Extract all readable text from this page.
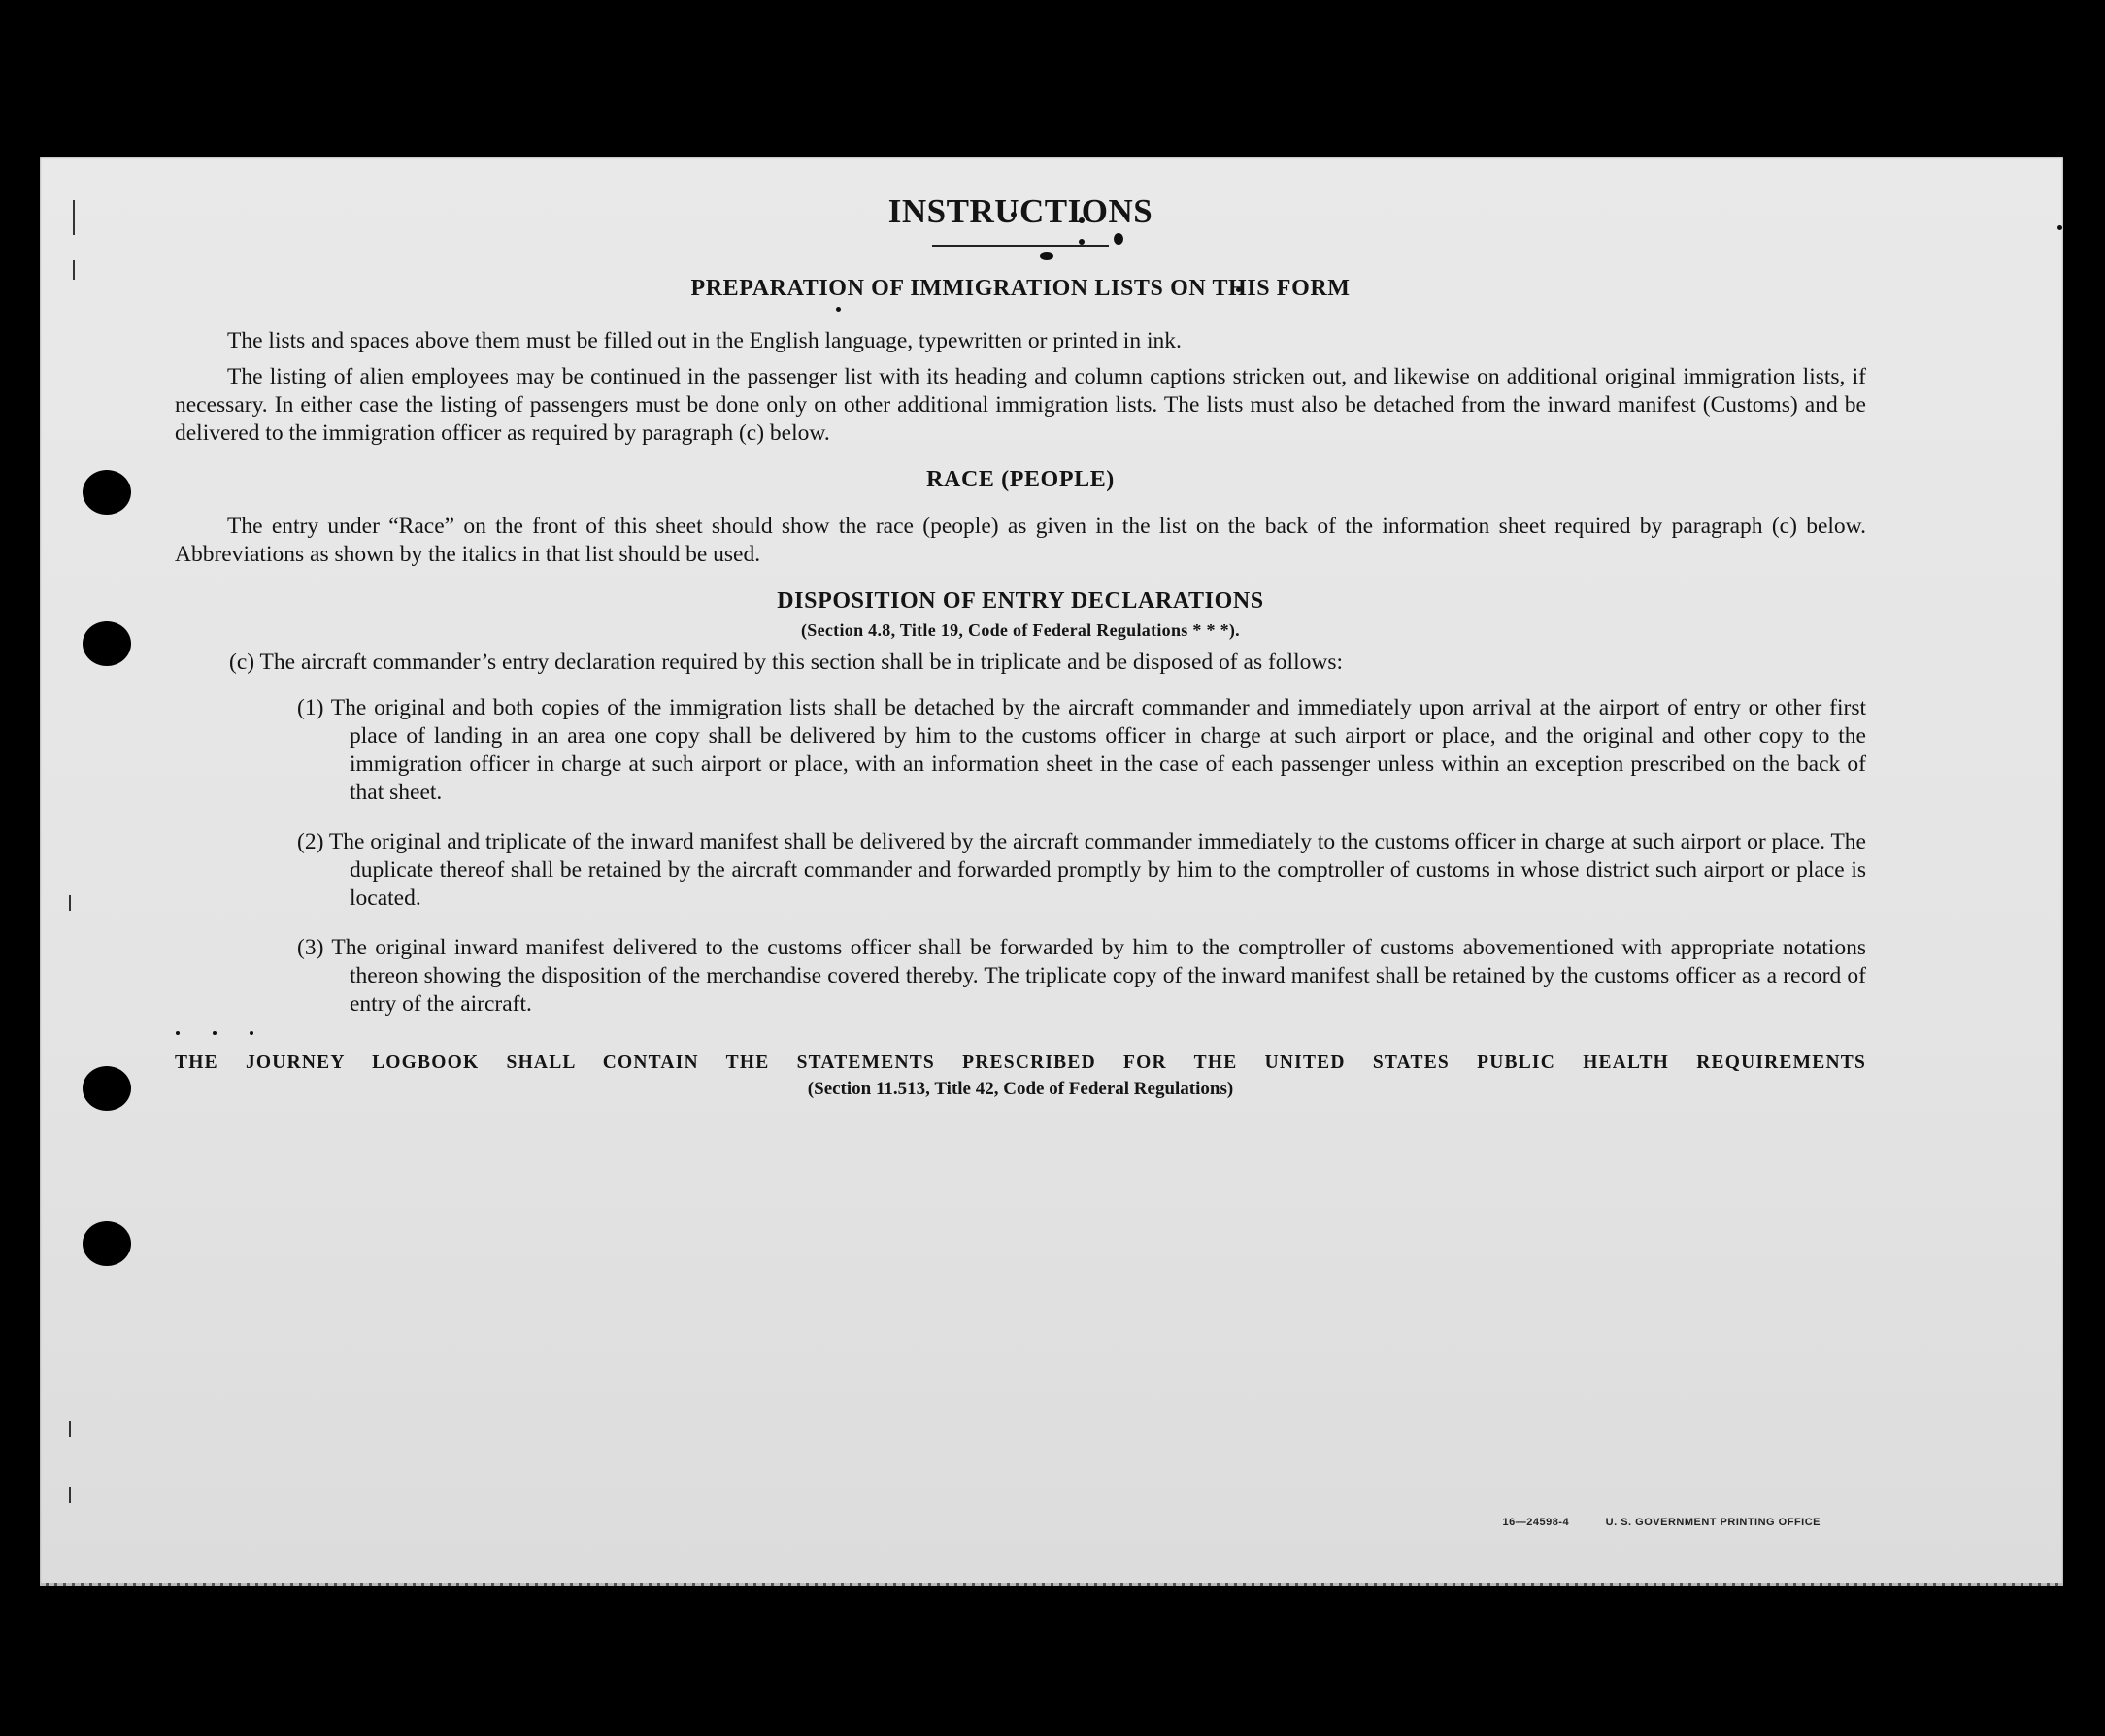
16—24598-4	U. S. GOVERNMENT PRINTING OFFICE
INSTRUCTIONS
PREPARATION OF IMMIGRATION LISTS ON THIS FORM

The lists and spaces above them must be filled out in the English language, typewritten or printed in ink.

The listing of alien employees may be continued in the passenger list with its heading and column captions stricken out, and likewise on additional original immigration lists, if necessary. In either case the listing of passengers must be done only on other additional immigration lists. The lists must also be detached from the inward manifest (Customs) and be delivered to the immigration officer as required by paragraph (c) below.

RACE (PEOPLE)

The entry under “Race” on the front of this sheet should show the race (people) as given in the list on the back of the information sheet required by paragraph (c) below. Abbreviations as shown by the italics in that list should be used.

DISPOSITION OF ENTRY DECLARATIONS
(Section 4.8, Title 19, Code of Federal Regulations * * *).

(c) The aircraft commander’s entry declaration required by this section shall be in triplicate and be disposed of as follows:

(1) The original and both copies of the immigration lists shall be detached by the aircraft commander and immediately upon arrival at the airport of entry or other first place of landing in an area one copy shall be delivered by him to the customs officer in charge at such airport or place, and the original and other copy to the immigration officer in charge at such airport or place, with an information sheet in the case of each passenger unless within an exception prescribed on the back of that sheet.

(2) The original and triplicate of the inward manifest shall be delivered by the aircraft commander immediately to the customs officer in charge at such airport or place. The duplicate thereof shall be retained by the aircraft commander and forwarded promptly by him to the comptroller of customs in whose district such airport or place is located.

(3) The original inward manifest delivered to the customs officer shall be forwarded by him to the comptroller of customs abovementioned with appropriate notations thereon showing the disposition of the merchandise covered thereby. The triplicate copy of the inward manifest shall be retained by the customs officer as a record of entry of the aircraft.

THE JOURNEY LOGBOOK SHALL CONTAIN THE STATEMENTS PRESCRIBED FOR THE UNITED STATES PUBLIC HEALTH REQUIREMENTS
(Section 11.513, Title 42, Code of Federal Regulations)
